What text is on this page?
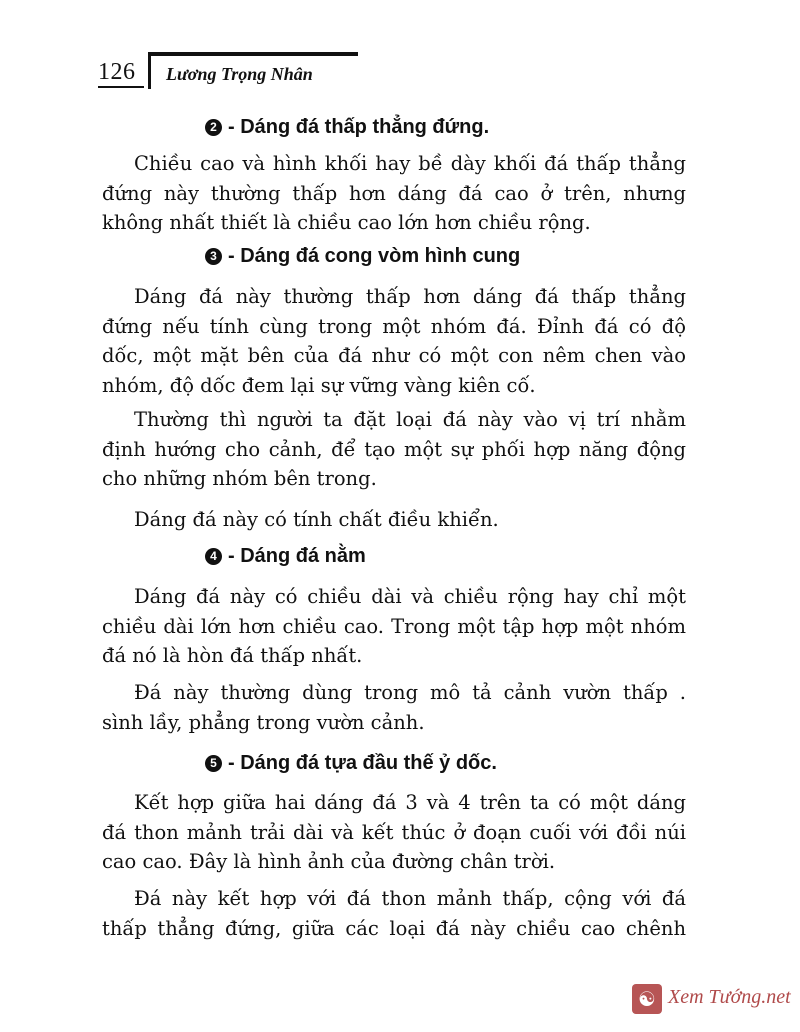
126 Lương Trọng Nhân
2 - Dáng đá thấp thẳng đứng.
Chiều cao và hình khối hay bề dày khối đá thấp thẳng
đứng này thường thấp hơn dáng đá cao ở trên, nhưng
không nhất thiết là chiều cao lớn hơn chiều rộng.
3 - Dáng đá cong vòm hình cung
Dáng đá này thường thấp hơn dáng đá thấp thẳng
đứng nếu tính cùng trong một nhóm đá. Đỉnh đá có độ
dốc, một mặt bên của đá như có một con nêm chen vào
nhóm, độ dốc đem lại sự vững vàng kiên cố.
Thường thì người ta đặt loại đá này vào vị trí nhằm
định hướng cho cảnh, để tạo một sự phối hợp năng động
cho những nhóm bên trong.
Dáng đá này có tính chất điều khiển.
4 - Dáng đá nằm
Dáng đá này có chiều dài và chiều rộng hay chỉ một
chiều dài lớn hơn chiều cao. Trong một tập hợp một nhóm
đá nó là hòn đá thấp nhất.
Đá này thường dùng trong mô tả cảnh vườn thấp .
sình lầy, phẳng trong vườn cảnh.
5 - Dáng đá tựa đầu thế ỷ dốc.
Kết hợp giữa hai dáng đá 3 và 4 trên ta có một dáng
đá thon mảnh trải dài và kết thúc ở đoạn cuối với đồi núi
cao cao. Đây là hình ảnh của đường chân trời.
Đá này kết hợp với đá thon mảnh thấp, cộng với đá
thấp thẳng đứng, giữa các loại đá này chiều cao chênh
☯ Xem Tướng.net
